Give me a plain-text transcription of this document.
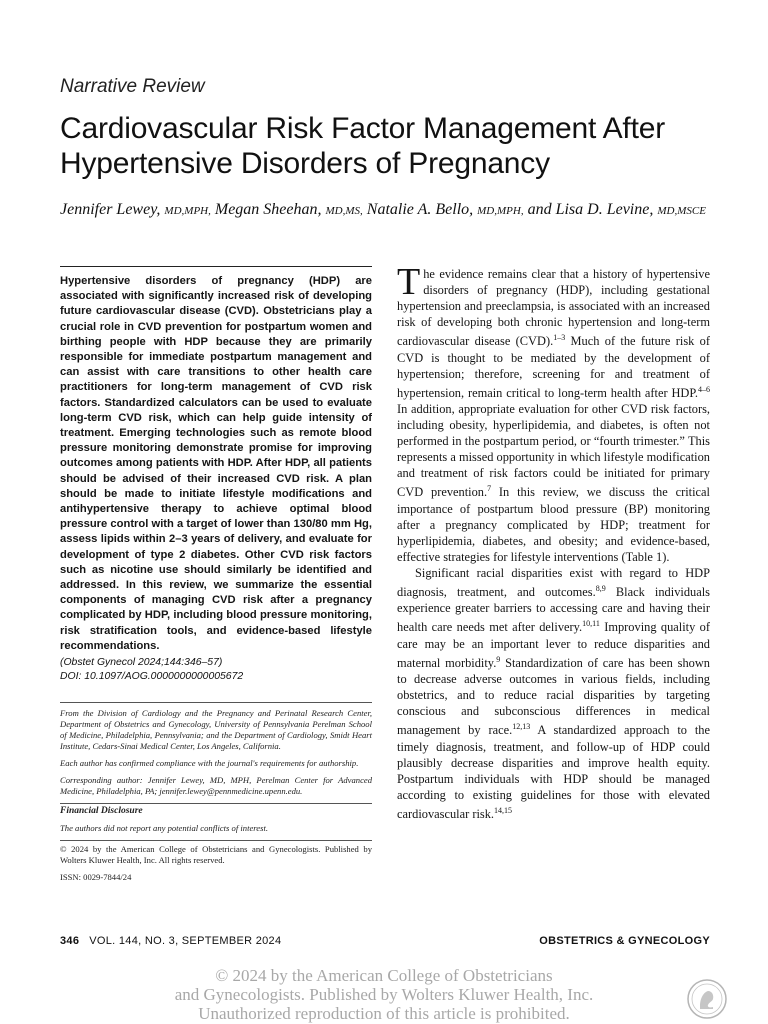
Narrative Review
Cardiovascular Risk Factor Management After Hypertensive Disorders of Pregnancy
Jennifer Lewey, MD,MPH, Megan Sheehan, MD,MS, Natalie A. Bello, MD,MPH, and Lisa D. Levine, MD,MSCE
Hypertensive disorders of pregnancy (HDP) are associated with significantly increased risk of developing future cardiovascular disease (CVD). Obstetricians play a crucial role in CVD prevention for postpartum women and birthing people with HDP because they are primarily responsible for immediate postpartum management and can assist with care transitions to other health care practitioners for long-term management of CVD risk factors. Standardized calculators can be used to evaluate long-term CVD risk, which can help guide intensity of treatment. Emerging technologies such as remote blood pressure monitoring demonstrate promise for improving outcomes among patients with HDP. After HDP, all patients should be advised of their increased CVD risk. A plan should be made to initiate lifestyle modifications and antihypertensive therapy to achieve optimal blood pressure control with a target of lower than 130/80 mm Hg, assess lipids within 2–3 years of delivery, and evaluate for development of type 2 diabetes. Other CVD risk factors such as nicotine use should similarly be identified and addressed. In this review, we summarize the essential components of managing CVD risk after a pregnancy complicated by HDP, including blood pressure monitoring, risk stratification tools, and evidence-based lifestyle recommendations.
(Obstet Gynecol 2024;144:346–57)
DOI: 10.1097/AOG.0000000000005672

From the Division of Cardiology and the Pregnancy and Perinatal Research Center, Department of Obstetrics and Gynecology, University of Pennsylvania Perelman School of Medicine, Philadelphia, Pennsylvania; and the Department of Cardiology, Smidt Heart Institute, Cedars-Sinai Medical Center, Los Angeles, California.

Each author has confirmed compliance with the journal's requirements for authorship.

Corresponding author: Jennifer Lewey, MD, MPH, Perelman Center for Advanced Medicine, Philadelphia, PA; jennifer.lewey@pennmedicine.upenn.edu.

Financial Disclosure

The authors did not report any potential conflicts of interest.

© 2024 by the American College of Obstetricians and Gynecologists. Published by Wolters Kluwer Health, Inc. All rights reserved.

ISSN: 0029-7844/24

The evidence remains clear that a history of hypertensive disorders of pregnancy (HDP), including gestational hypertension and preeclampsia, is associated with an increased risk of developing both chronic hypertension and long-term cardiovascular disease (CVD).$^{1-3}$ Much of the future risk of CVD is thought to be mediated by the development of hypertension; therefore, screening for and treatment of hypertension, remain critical to long-term health after HDP.$^{4-6}$ In addition, appropriate evaluation for other CVD risk factors, including obesity, hyperlipidemia, and diabetes, is often not performed in the postpartum period, or “fourth trimester.” This represents a missed opportunity in which lifestyle modification and treatment of risk factors could be initiated for primary CVD prevention.$^7$ In this review, we discuss the critical importance of postpartum blood pressure (BP) monitoring after a pregnancy complicated by HDP; treatment for hyperlipidemia, diabetes, and obesity; and evidence-based, effective strategies for lifestyle interventions (Table 1).

Significant racial disparities exist with regard to HDP diagnosis, treatment, and outcomes.$^{8,9}$ Black individuals experience greater barriers to accessing care and having their health care needs met after delivery.$^{10,11}$ Improving quality of care may be an important lever to reduce disparities and maternal morbidity.$^9$ Standardization of care has been shown to decrease adverse outcomes in various fields, including obstetrics, and to reduce racial disparities by targeting conscious and subconscious differences in medical management by race.$^{12,13}$ A standardized approach to the timely diagnosis, treatment, and follow-up of HDP could plausibly decrease disparities and improve health equity. Postpartum individuals with HDP should be managed according to existing guidelines for those with elevated cardiovascular risk.$^{14,15}$

346 VOL. 144, NO. 3, SEPTEMBER 2024	OBSTETRICS & GYNECOLOGY
© 2024 by the American College of Obstetricians
and Gynecologists. Published by Wolters Kluwer Health, Inc.
Unauthorized reproduction of this article is prohibited.
